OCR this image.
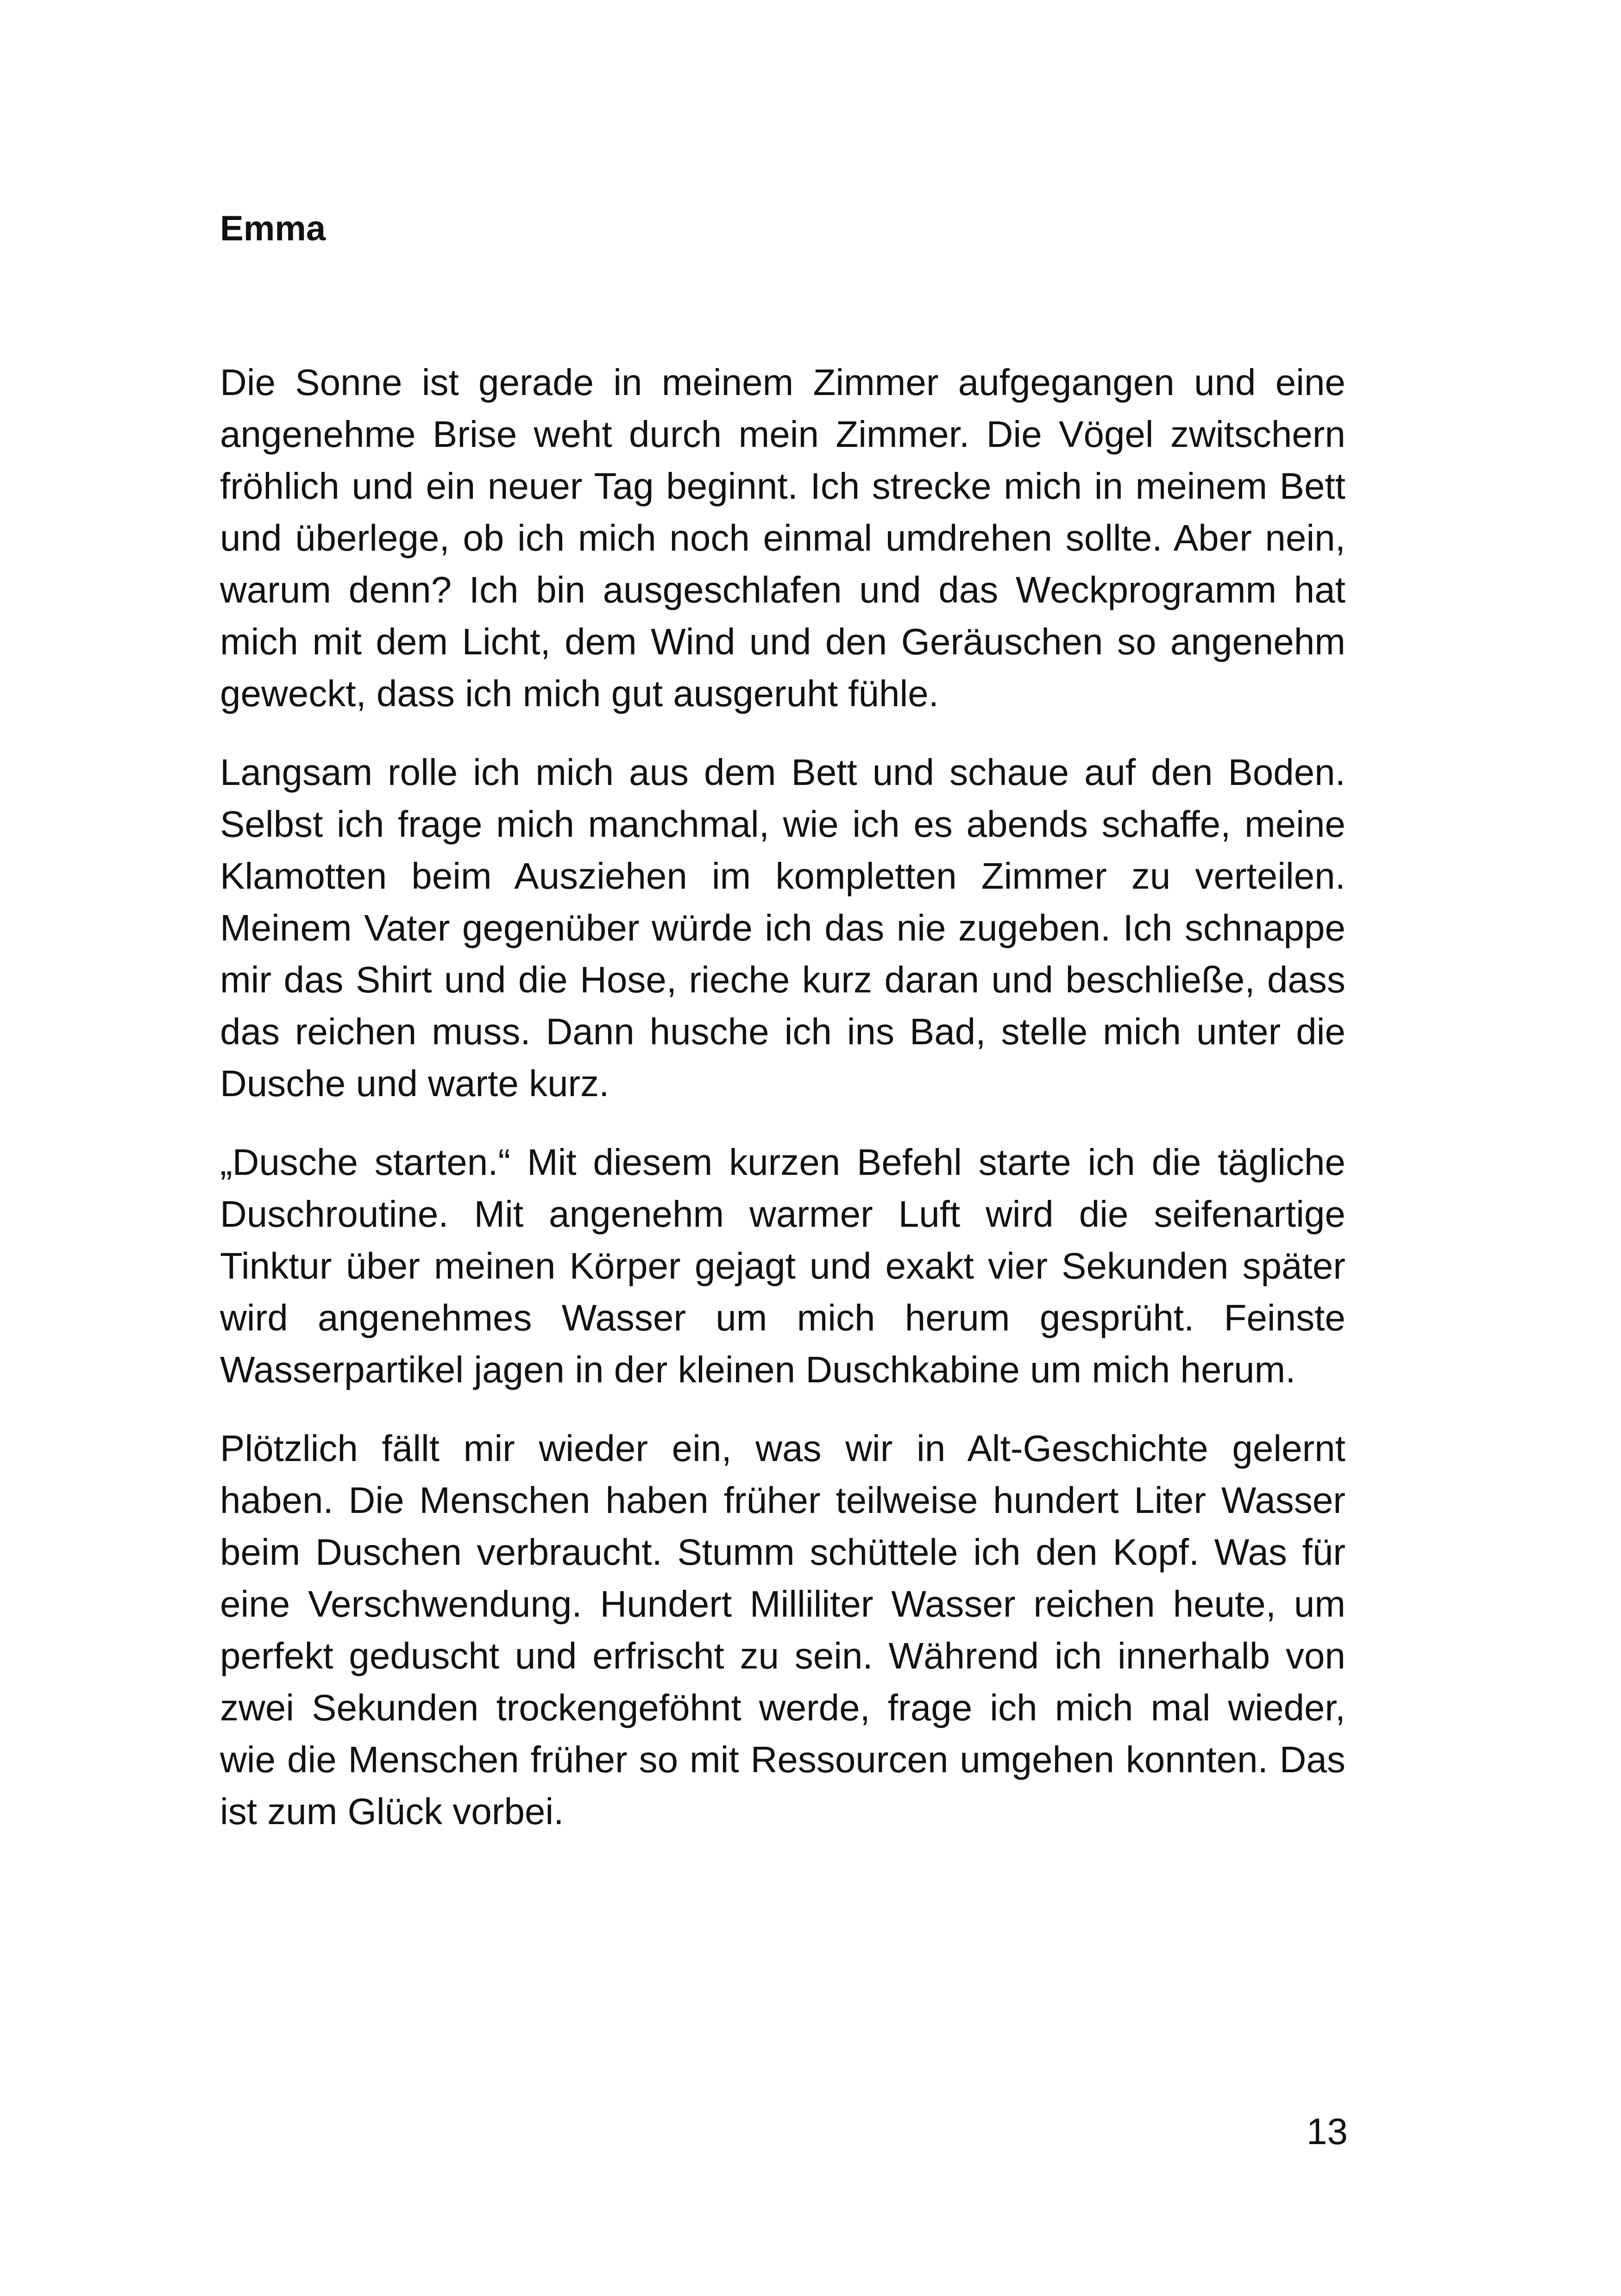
Emma

Die Sonne ist gerade in meinem Zimmer aufgegangen und eine angenehme Brise weht durch mein Zimmer. Die Vögel zwitschern fröhlich und ein neuer Tag beginnt. Ich strecke mich in meinem Bett und überlege, ob ich mich noch einmal umdrehen sollte. Aber nein, warum denn? Ich bin ausgeschlafen und das Weckprogramm hat mich mit dem Licht, dem Wind und den Geräuschen so angenehm geweckt, dass ich mich gut ausgeruht fühle.

Langsam rolle ich mich aus dem Bett und schaue auf den Boden. Selbst ich frage mich manchmal, wie ich es abends schaffe, meine Klamotten beim Ausziehen im kompletten Zimmer zu verteilen. Meinem Vater gegenüber würde ich das nie zugeben. Ich schnappe mir das Shirt und die Hose, rieche kurz daran und beschließe, dass das reichen muss. Dann husche ich ins Bad, stelle mich unter die Dusche und warte kurz.

„Dusche starten.“ Mit diesem kurzen Befehl starte ich die tägliche Duschroutine. Mit angenehm warmer Luft wird die seifenartige Tinktur über meinen Körper gejagt und exakt vier Sekunden später wird angenehmes Wasser um mich herum gesprüht. Feinste Wasserpartikel jagen in der kleinen Duschkabine um mich herum.

Plötzlich fällt mir wieder ein, was wir in Alt-Geschichte gelernt haben. Die Menschen haben früher teilweise hundert Liter Wasser beim Duschen verbraucht. Stumm schüttele ich den Kopf. Was für eine Verschwendung. Hundert Milliliter Wasser reichen heute, um perfekt geduscht und erfrischt zu sein. Während ich innerhalb von zwei Sekunden trockengeföhnt werde, frage ich mich mal wieder, wie die Menschen früher so mit Ressourcen umgehen konnten. Das ist zum Glück vorbei.

13
